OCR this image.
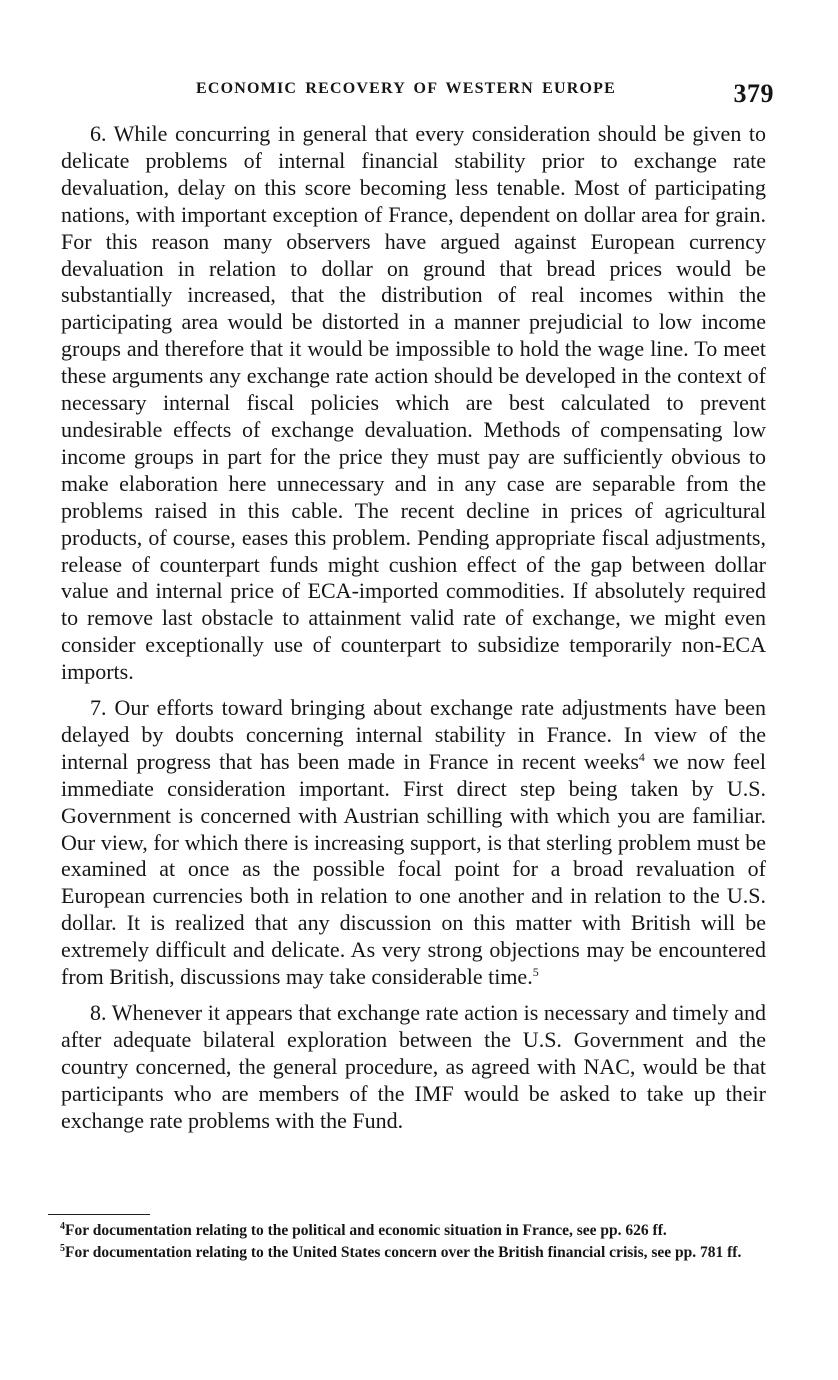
ECONOMIC RECOVERY OF WESTERN EUROPE	379

6. While concurring in general that every consideration should be given to delicate problems of internal financial stability prior to exchange rate devaluation, delay on this score becoming less tenable. Most of participating nations, with important exception of France, dependent on dollar area for grain. For this reason many observers have argued against European currency devaluation in relation to dollar on ground that bread prices would be substantially increased, that the distribution of real incomes within the participating area would be distorted in a manner prejudicial to low income groups and therefore that it would be impossible to hold the wage line. To meet these arguments any exchange rate action should be developed in the context of necessary internal fiscal policies which are best calculated to prevent undesirable effects of exchange devaluation. Methods of compensating low income groups in part for the price they must pay are sufficiently obvious to make elaboration here unnecessary and in any case are separable from the problems raised in this cable. The recent decline in prices of agricultural products, of course, eases this problem. Pending appropriate fiscal adjustments, release of counterpart funds might cushion effect of the gap between dollar value and internal price of ECA-imported commodities. If absolutely required to remove last obstacle to attainment valid rate of exchange, we might even consider exceptionally use of counterpart to subsidize temporarily non-ECA imports.

7. Our efforts toward bringing about exchange rate adjustments have been delayed by doubts concerning internal stability in France. In view of the internal progress that has been made in France in recent weeks$^4$ we now feel immediate consideration important. First direct step being taken by U.S. Government is concerned with Austrian schilling with which you are familiar. Our view, for which there is increasing support, is that sterling problem must be examined at once as the possible focal point for a broad revaluation of European currencies both in relation to one another and in relation to the U.S. dollar. It is realized that any discussion on this matter with British will be extremely difficult and delicate. As very strong objections may be encountered from British, discussions may take considerable time.$^5$

8. Whenever it appears that exchange rate action is necessary and timely and after adequate bilateral exploration between the U.S. Government and the country concerned, the general procedure, as agreed with NAC, would be that participants who are members of the IMF would be asked to take up their exchange rate problems with the Fund.

$^4$For documentation relating to the political and economic situation in France, see pp. 626 ff.
$^5$For documentation relating to the United States concern over the British financial crisis, see pp. 781 ff.
